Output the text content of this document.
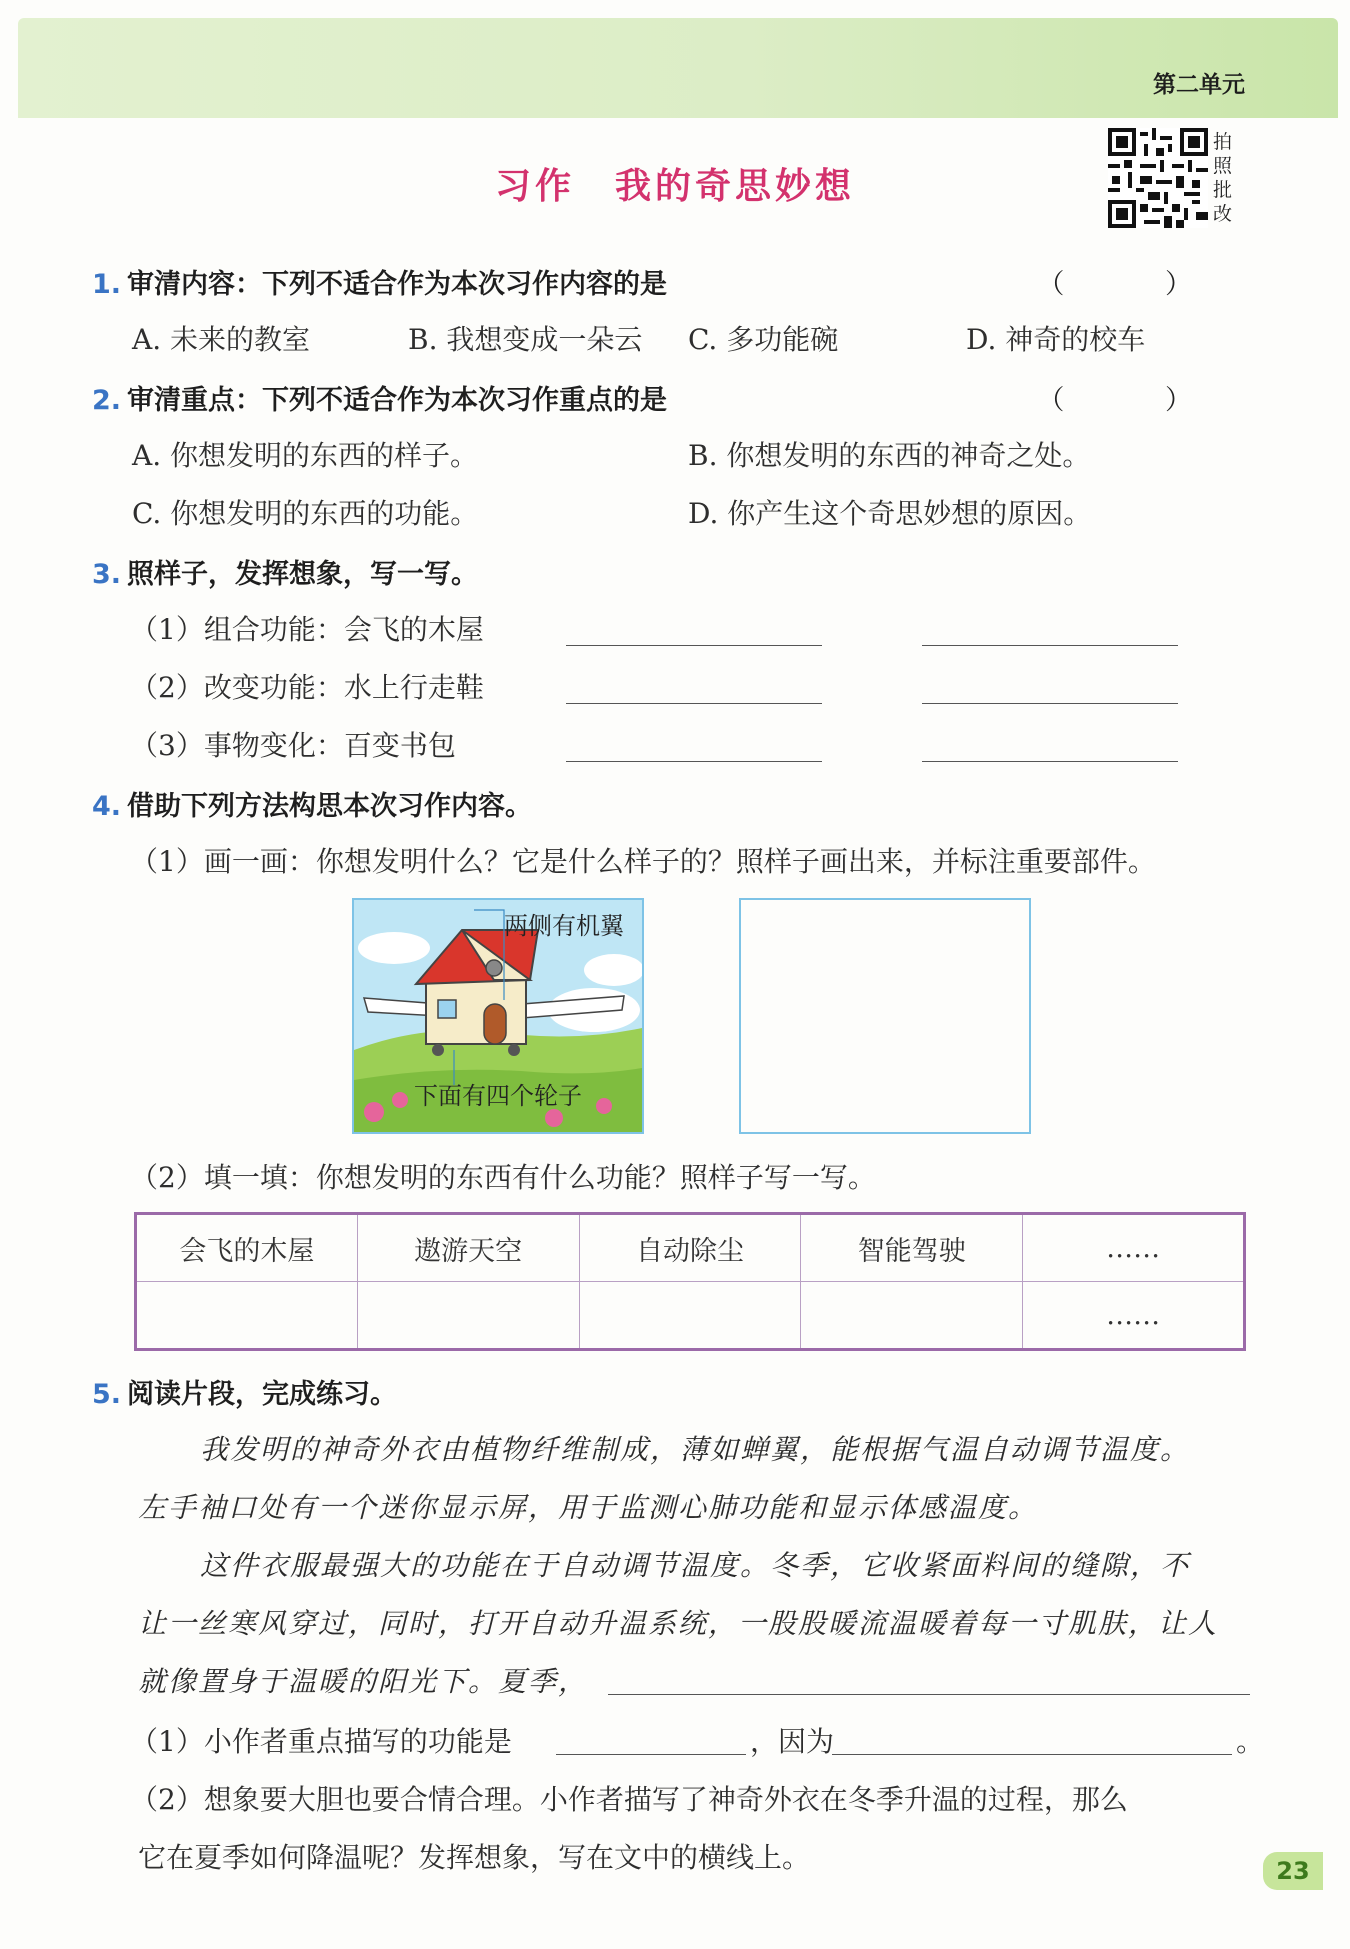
第二单元
习作　我的奇思妙想
拍照批改
1. 审清内容：下列不适合作为本次习作内容的是	（ ）
A. 未来的教室	B. 我想变成一朵云 C. 多功能碗	D. 神奇的校车
2. 审清重点：下列不适合作为本次习作重点的是	（ ）
A. 你想发明的东西的样子。	B. 你想发明的东西的神奇之处。
C. 你想发明的东西的功能。	D. 你产生这个奇思妙想的原因。
3. 照样子，发挥想象，写一写。
（1）组合功能：会飞的木屋
（2）改变功能：水上行走鞋
（3）事物变化：百变书包
4. 借助下列方法构思本次习作内容。
（1）画一画：你想发明什么？它是什么样子的？照样子画出来，并标注重要部件。
两侧有机翼
下面有四个轮子
（2）填一填：你想发明的东西有什么功能？照样子写一写。
会飞的木屋	遨游天空	自动除尘	智能驾驶	……
				……
5. 阅读片段，完成练习。
我发明的神奇外衣由植物纤维制成，薄如蝉翼，能根据气温自动调节温度。
左手袖口处有一个迷你显示屏，用于监测心肺功能和显示体感温度。
这件衣服最强大的功能在于自动调节温度。冬季，它收紧面料间的缝隙，不
让一丝寒风穿过，同时，打开自动升温系统，一股股暖流温暖着每一寸肌肤，让人
就像置身于温暖的阳光下。夏季，
（1）小作者重点描写的功能是	，因为	。
（2）想象要大胆也要合情合理。小作者描写了神奇外衣在冬季升温的过程，那么
它在夏季如何降温呢？发挥想象，写在文中的横线上。	23
